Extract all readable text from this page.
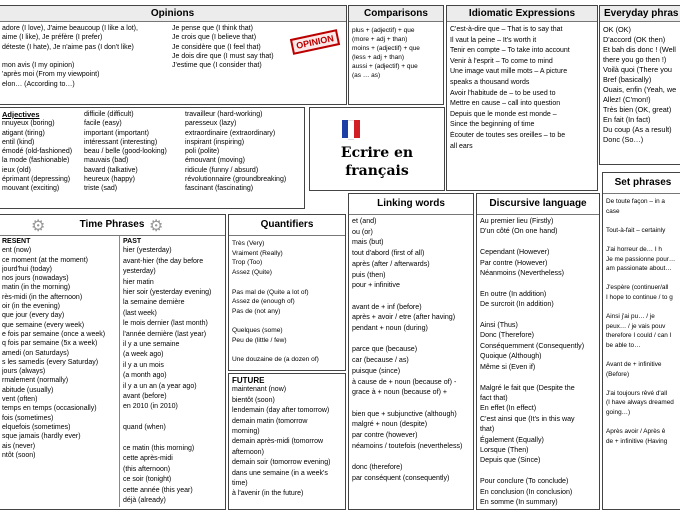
Opinions
adore (I love), J'aime beaucoup (I like a lot),
aime (I like), Je préfère (I prefer)
déteste (I hate), Je n'aime pas (I don't like)

mon avis (I my opinion)
'après moi (From my viewpoint)
elon… (According to…)
Je pense que (I think that)
Je crois que (I believe that)
Je considère que (I feel that)
Je dois dire que (I must say that)
J'estime que (I consider that)
OPINION
Adjectives
nnuyeux (boring)
atigant (tiring)
entil (kind)
émodé (old-fashioned)
la mode (fashionable)
ieux (old)
éprimant (depressing)
mouvant (exciting)
difficile (difficult)
facile (easy)
important (important)
intéressant (interesting)
beau / belle (good-looking)
mauvais (bad)
bavard (talkative)
heureux (happy)
triste (sad)
travailleur (hard-working)
paresseux (lazy)
extraordinaire (extraordinary)
inspirant (inspiring)
poli (polite)
émouvant (moving)
ridicule (funny / absurd)
révolutionnaire (groundbreaking)
fascinant (fascinating)
Ecrire en français
Comparisons
plus + (adjectif) + que
(more + adj + than)
moins + (adjectif) + que
(less + adj + than)
aussi + (adjectif) + que
(as … as)
Idiomatic Expressions
C'est-à-dire que – That is to say that
Il vaut la peine – It's worth it
Tenir en compte – To take into account
Venir à l'esprit – To come to mind
Une image vaut mille mots – A picture
speaks a thousand words
Avoir l'habitude de – to be used to
Mettre en cause – call into question
Depuis que le monde est monde –
Since the beginning of time
Écouter de toutes ses oreilles – to be
all ears
Everyday phras
OK (OK)
D'accord (OK then)
Et bah dis donc ! (Well
there you go then !)
Voilà quoi (There you
Bref (basically)
Ouais, enfin (Yeah, we
Allez! (C'mon!)
Très bien (OK, great)
En fait (In fact)
Du coup (As a result)
Donc (So…)
⚙	⚙
Time Phrases
RESENT
ent (now)
ce moment (at the moment)
jourd'hui (today)
nos jours (nowadays)
matin (in the morning)
rès-midi (in the afternoon)
oir (in the evening)
que jour (every day)
que semaine (every week)
e fois par semaine (once a week)
q fois par semaine (5x a week)
amedi (on Saturdays)
s les samedis (every Saturday)
jours (always)
rmalement (normally)
abitude (usually)
vent (often)
temps en temps (occasionally)
fois (sometimes)
elquefois (sometimes)
sque jamais (hardly ever)
ais (never)
ntôt (soon)
PAST
hier (yesterday)
avant-hier (the day before
yesterday)
hier matin
hier soir (yesterday evening)
la semaine dernière
(last week)
le mois dernier (last month)
l'année dernière (last year)
il y a une semaine
(a week ago)
il y a un mois
(a month ago)
il y a un an (a year ago)
avant (before)
en 2010 (in 2010)

quand (when)

ce matin (this morning)
cette après-midi
(this afternoon)
ce soir (tonight)
cette année (this year)
déjà (already)
Quantifiers
Très (Very)
Vraiment (Really)
Trop (Too)
Assez (Quite)

Pas mal de (Quite a lot of)
Assez de (enough of)
Pas de (not any)

Quelques (some)
Peu de (little / few)

Une douzaine de (a dozen of)
FUTURE
maintenant (now)
bientôt (soon)
lendemain (day after tomorrow)
demain matin (tomorrow
morning)
demain après-midi (tomorrow
afternoon)
demain soir (tomorrow evening)
dans une semaine (in a week's
time)
à l'avenir (in the future)
Linking words
et (and)
ou (or)
mais (but)
tout d'abord (first of all)
après (after / afterwards)
puis (then)
pour + infinitive

avant de + inf (before)
après + avoir / etre (after having)
pendant + noun (during)

parce que (because)
car (because / as)
puisque (since)
à cause de + noun (because of) -
grace à + noun (because of) +

bien que + subjunctive (although)
malgré + noun (despite)
par contre (however)
néamoins / toutefois (nevertheless)

donc (therefore)
par conséquent (consequently)
Discursive language
Au premier lieu (Firstly)
D'un côté (On one hand)

Cependant (However)
Par contre (However)
Néanmoins (Nevertheless)

En outre (In addition)
De surcroit (In addition)

Ainsi (Thus)
Donc (Therefore)
Conséquemment (Consequently)
Quoique (Although)
Même si (Even if)

Malgré le fait que (Despite the
fact that)
En effet (In effect)
C'est ainsi que (It's in this way
that)
Également (Equally)
Lorsque (Then)
Depuis que (Since)

Pour conclure (To conclude)
En conclusion (In conclusion)
En somme (In summary)
Set phrases
De toute façon – in a
case

Tout-à-fait – certainly

J'ai horreur de… I h
Je me passionne pour…
am passionate about…

J'espère (continuer/all
I hope to continue / to g

Ainsi j'ai pu… / je
peux… / je vais pouv
therefore I could / can I
be able to…

Avant de + infinitive
(Before)

J'ai toujours rêvé d'all
(I have always dreamed
going…)

Après avoir / Après ê
de + infinitive (Having
